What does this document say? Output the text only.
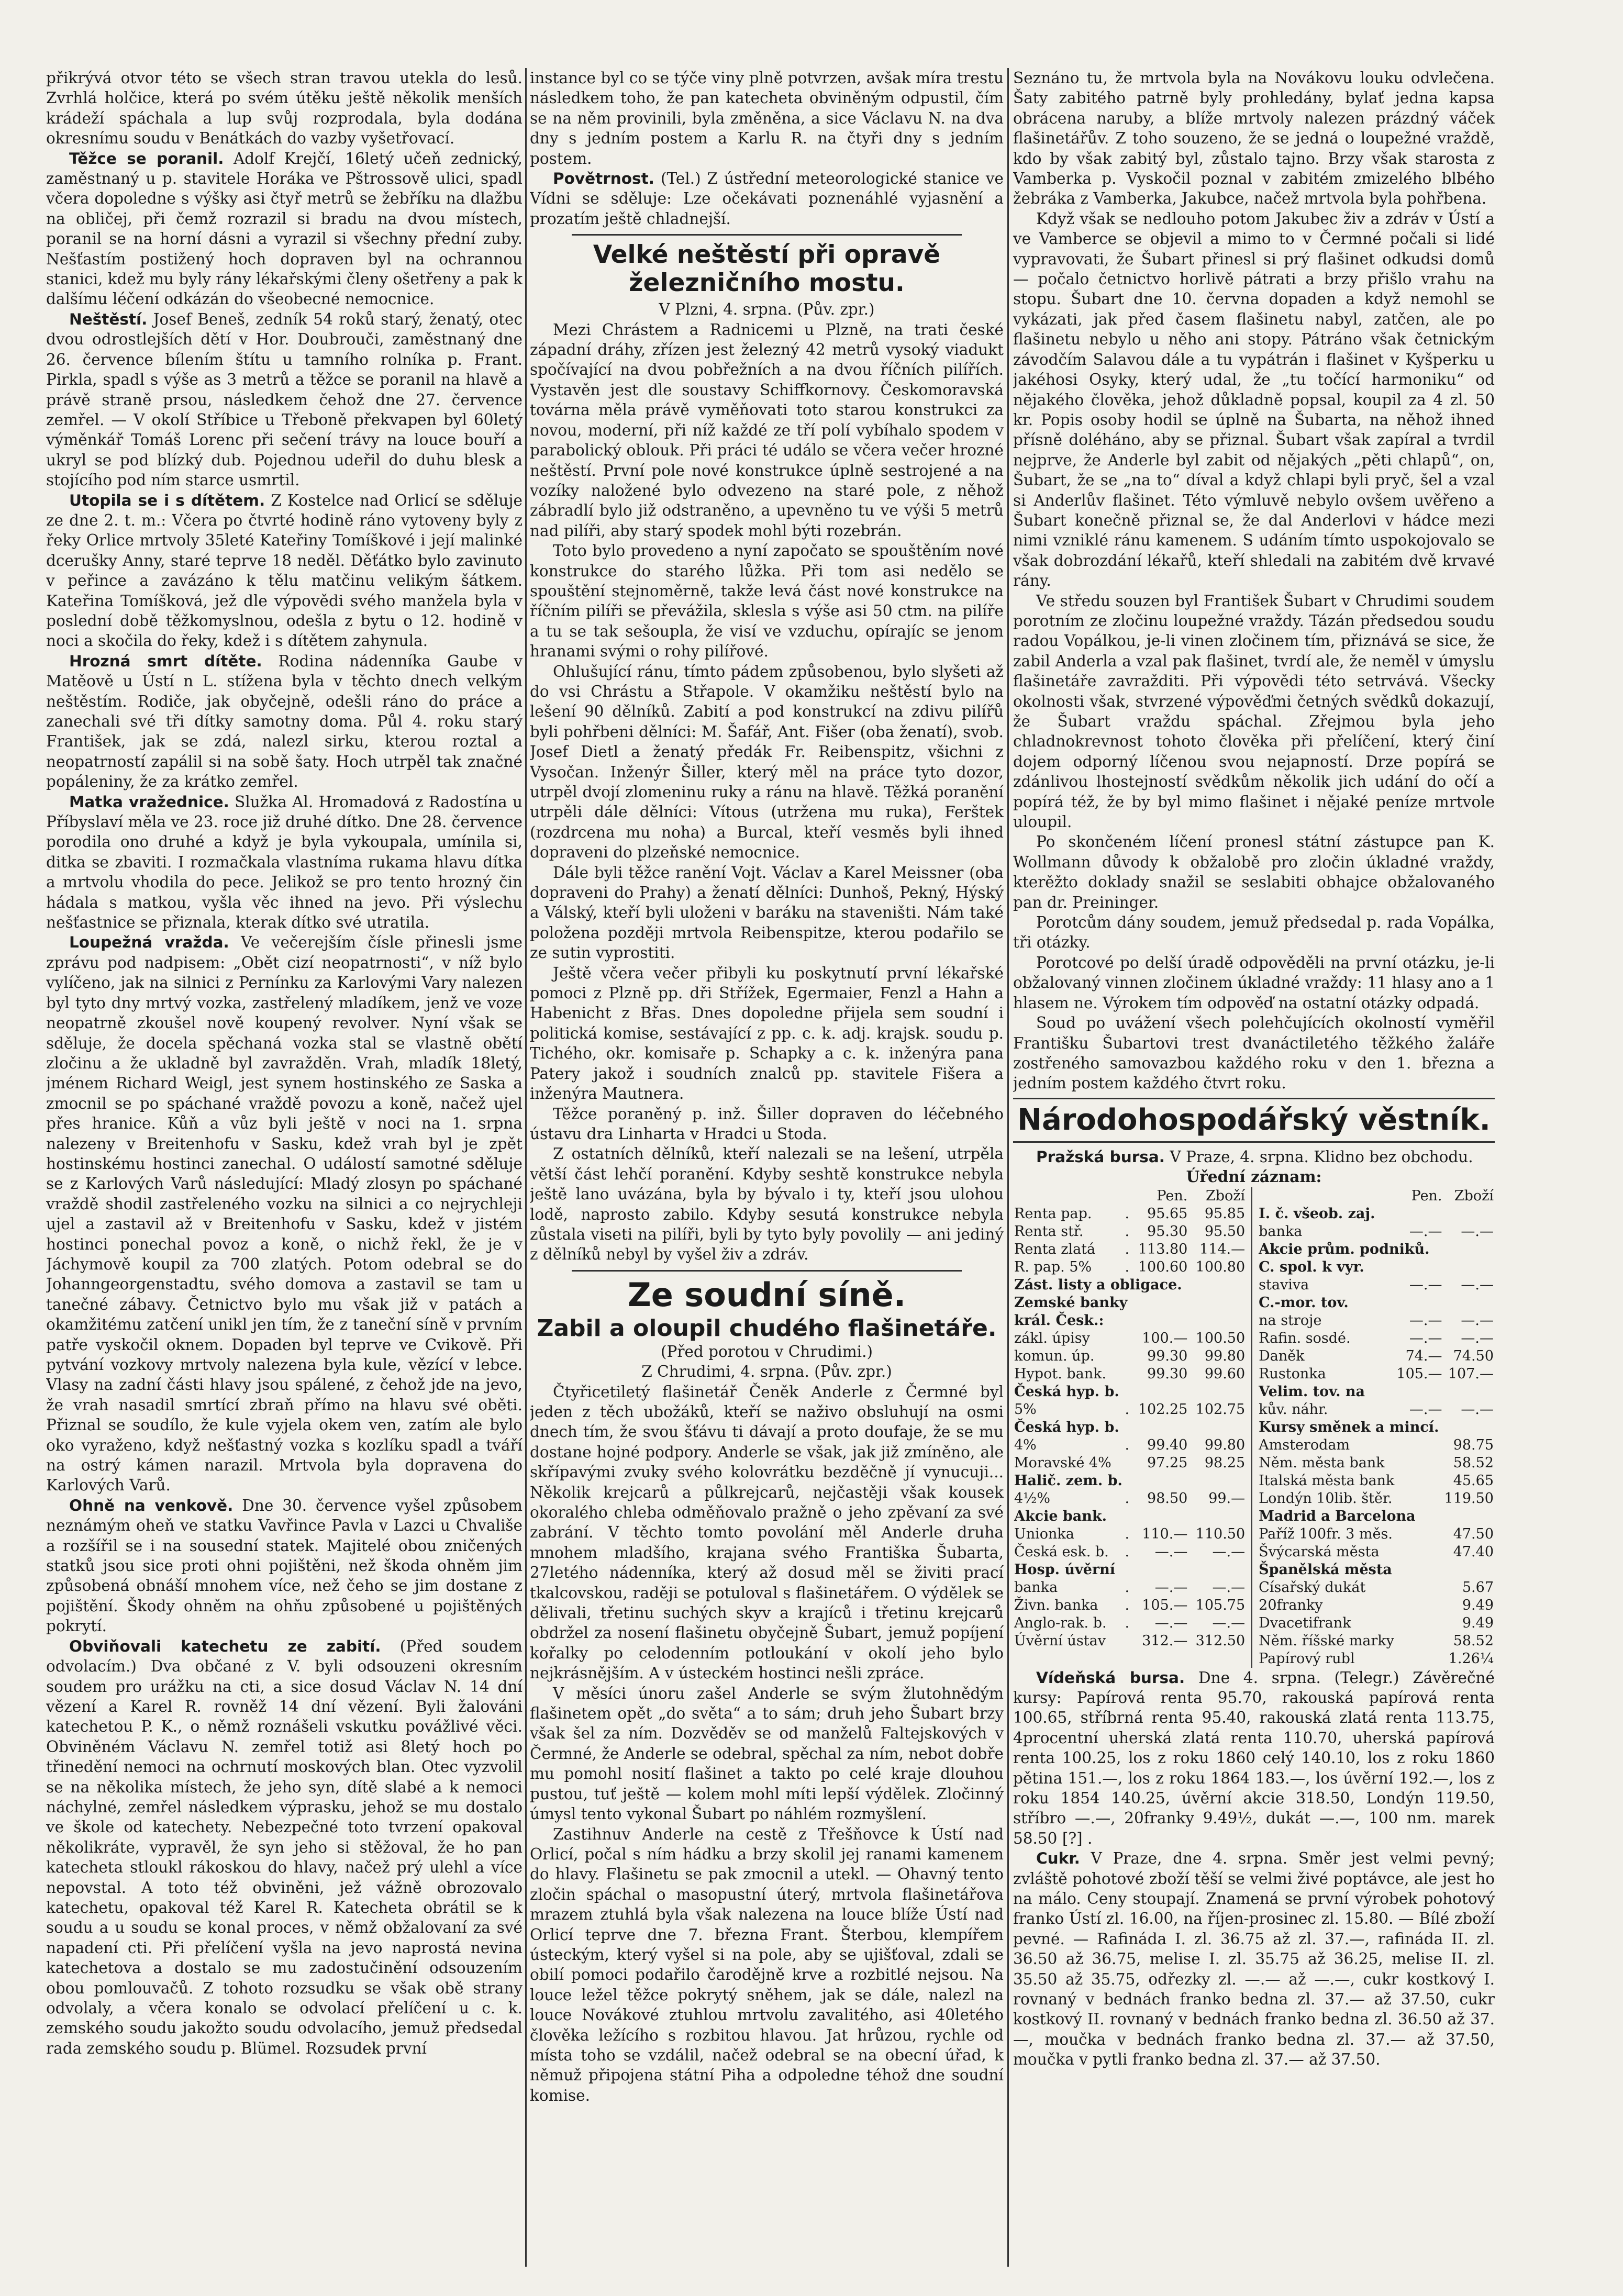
přikrývá otvor této se všech stran travou utekla do lesů. Zvrhlá holčice, která po svém útěku ještě několik menších krádeží spáchala a lup svůj rozprodala, byla dodána okresnímu soudu v Benátkách do vazby vyšetřovací.

Těžce se poranil. Adolf Krejčí, 16letý učeň zednický, zaměstnaný u p. stavitele Horáka ve Pštrossově ulici, spadl včera dopoledne s výšky asi čtyř metrů se žebříku na dlažbu na obličej, při čemž rozrazil si bradu na dvou místech, poranil se na horní dásni a vyrazil si všechny přední zuby. Nešťastím postižený hoch dopraven byl na ochrannou stanici, kdež mu byly rány lékařskými členy ošetřeny a pak k dalšímu léčení odkázán do všeobecné nemocnice.

Neštěstí. Josef Beneš, zedník 54 roků starý, ženatý, otec dvou odrostlejších dětí v Hor. Doubrouči, zaměstnaný dne 26. července bílením štítu u tamního rolníka p. Frant. Pirkla, spadl s výše as 3 metrů a těžce se poranil na hlavě a právě straně prsou, následkem čehož dne 27. července zemřel. — V okolí Stříbice u Třeboně překvapen byl 60letý výměnkář Tomáš Lorenc při sečení trávy na louce bouří a ukryl se pod blízký dub. Pojednou udeřil do duhu blesk a stojícího pod ním starce usmrtil.

Utopila se i s dítětem. Z Kostelce nad Orlicí se sděluje ze dne 2. t. m.: Včera po čtvrté hodině ráno vytoveny byly z řeky Orlice mrtvoly 35leté Kateřiny Tomíškové i její malinké dcerušky Anny, staré teprve 18 neděl. Děťátko bylo zavinuto v peřince a zavázáno k tělu matčinu velikým šátkem. Kateřina Tomíšková, jež dle výpovědi svého manžela byla v poslední době těžkomyslnou, odešla z bytu o 12. hodině v noci a skočila do řeky, kdež i s dítětem zahynula.

Hrozná smrt dítěte. Rodina nádenníka Gaube v Matěově u Ústí n L. stížena byla v těchto dnech velkým neštěstím. Rodiče, jak obyčejně, odešli ráno do práce a zanechali své tři dítky samotny doma. Půl 4. roku starý František, jak se zdá, nalezl sirku, kterou roztal a neopatrností zapálil si na sobě šaty. Hoch utrpěl tak značné popáleniny, že za krátko zemřel.

Matka vražednice. Služka Al. Hromadová z Radostína u Příbyslaví měla ve 23. roce již druhé dítko. Dne 28. července porodila ono druhé a když je byla vykoupala, umínila si, ditka se zbaviti. I rozmačkala vlastníma rukama hlavu dítka a mrtvolu vhodila do pece. Jelikož se pro tento hrozný čin hádala s matkou, vyšla věc ihned na jevo. Při výslechu nešťastnice se přiznala, kterak dítko své utratila.

Loupežná vražda. Ve večerejším čísle přinesli jsme zprávu pod nadpisem: „Obět cizí neopatrnosti“, v níž bylo vylíčeno, jak na silnici z Pernínku za Karlovými Vary nalezen byl tyto dny mrtvý vozka, zastřelený mladíkem, jenž ve voze neopatrně zkoušel nově koupený revolver. Nyní však se sděluje, že docela spěchaná vozka stal se vlastně obětí zločinu a že ukladně byl zavražděn. Vrah, mladík 18letý, jménem Richard Weigl, jest synem hostinského ze Saska a zmocnil se po spáchané vraždě povozu a koně, načež ujel přes hranice. Kůň a vůz byli ještě v noci na 1. srpna nalezeny v Breitenhofu v Sasku, kdež vrah byl je zpět hostinskému hostinci zanechal. O událostí samotné sděluje se z Karlových Varů následující: Mladý zlosyn po spáchané vraždě shodil zastřeleného vozku na silnici a co nejrychleji ujel a zastavil až v Breitenhofu v Sasku, kdež v jistém hostinci ponechal povoz a koně, o nichž řekl, že je v Jáchymově koupil za 700 zlatých. Potom odebral se do Johanngeorgenstadtu, svého domova a zastavil se tam u tanečné zábavy. Četnictvo bylo mu však již v patách a okamžitému zatčení unikl jen tím, že z taneční síně v prvním patře vyskočil oknem. Dopaden byl teprve ve Cvikově. Při pytvání vozkovy mrtvoly nalezena byla kule, vězící v lebce. Vlasy na zadní části hlavy jsou spálené, z čehož jde na jevo, že vrah nasadil smrtící zbraň přímo na hlavu své oběti. Přiznal se soudílo, že kule vyjela okem ven, zatím ale bylo oko vyraženo, když nešťastný vozka s kozlíku spadl a tváří na ostrý kámen narazil. Mrtvola byla dopravena do Karlových Varů.

Ohně na venkově. Dne 30. července vyšel způsobem neznámým oheň ve statku Vavřince Pavla v Lazci u Chvališe a rozšířil se i na sousední statek. Majitelé obou zničených statků jsou sice proti ohni pojištěni, než škoda ohněm jim způsobená obnáší mnohem více, než čeho se jim dostane z pojištění. Škody ohněm na ohňu způsobené u pojištěných pokrytí.

Obviňovali katechetu ze zabití. (Před soudem odvolacím.) Dva občané z V. byli odsouzeni okresním soudem pro urážku na cti, a sice dosud Václav N. 14 dní vězení a Karel R. rovněž 14 dní vězení. Byli žalováni katechetou P. K., o němž roznášeli vskutku povážlivé věci. Obviněném Václavu N. zemřel totiž asi 8letý hoch po třinedění nemoci na ochrnutí moskových blan. Otec vyzvolil se na několika místech, že jeho syn, dítě slabé a k nemoci náchylné, zemřel následkem výprasku, jehož se mu dostalo ve škole od katechety. Nebezpečné toto tvrzení opakoval několikráte, vypravěl, že syn jeho si stěžoval, že ho pan katecheta stloukl rákoskou do hlavy, načež prý ulehl a více nepovstal. A toto též obviněni, jež vážně obrozovalo katechetu, opakoval též Karel R. Katecheta obrátil se k soudu a u soudu se konal proces, v němž obžalovaní za své napadení cti. Při přelíčení vyšla na jevo naprostá nevina katechetova a dostalo se mu zadostučinění odsouzením obou pomlouvačů. Z tohoto rozsudku se však obě strany odvolaly, a včera konalo se odvolací přelíčení u c. k. zemského soudu jakožto soudu odvolacího, jemuž předsedal rada zemského soudu p. Blümel. Rozsudek první

instance byl co se týče viny plně potvrzen, avšak míra trestu následkem toho, že pan katecheta obviněným odpustil, čím se na něm provinili, byla změněna, a sice Václavu N. na dva dny s jedním postem a Karlu R. na čtyři dny s jedním postem.

Povětrnost. (Tel.) Z ústřední meteorologické stanice ve Vídni se sděluje: Lze očekávati poznenáhlé vyjasnění a prozatím ještě chladnejší.

Velké neštěstí při opravě železničního mostu.

V Plzni, 4. srpna. (Pův. zpr.)

Mezi Chrástem a Radnicemi u Plzně, na trati české západní dráhy, zřízen jest železný 42 metrů vysoký viadukt spočívající na dvou pobřežních a na dvou říčních pilířích. Vystavěn jest dle soustavy Schiffkornovy. Českomoravská továrna měla právě vyměňovati toto starou konstrukci za novou, moderní, při níž každé ze tří polí vybíhalo spodem v parabolický oblouk. Při práci té událo se včera večer hrozné neštěstí. První pole nové konstrukce úplně sestrojené a na vozíky naložené bylo odvezeno na staré pole, z něhož zábradlí bylo již odstraněno, a upevněno tu ve výši 5 metrů nad pilíři, aby starý spodek mohl býti rozebrán.

Toto bylo provedeno a nyní započato se spouštěním nové konstrukce do starého lůžka. Při tom asi nedělo se spouštění stejnoměrně, takže levá část nové konstrukce na říčním pilíři se převážila, sklesla s výše asi 50 ctm. na pilíře a tu se tak sešoupla, že visí ve vzduchu, opírajíc se jenom hranami svými o rohy pilířové.

Ohlušující ránu, tímto pádem způsobenou, bylo slyšeti až do vsi Chrástu a Střapole. V okamžiku neštěstí bylo na lešení 90 dělníků. Zabití a pod konstrukcí na zdivu pilířů byli pohřbeni dělníci: M. Šafář, Ant. Fišer (oba ženatí), svob. Josef Dietl a ženatý předák Fr. Reibenspitz, všichni z Vysočan. Inženýr Šiller, který měl na práce tyto dozor, utrpěl dvojí zlomeninu ruky a ránu na hlavě. Těžká poranění utrpěli dále dělníci: Vítous (utržena mu ruka), Ferštek (rozdrcena mu noha) a Burcal, kteří vesměs byli ihned dopraveni do plzeňské nemocnice.

Dále byli těžce ranění Vojt. Václav a Karel Meissner (oba dopraveni do Prahy) a ženatí dělníci: Dunhoš, Pekný, Hýský a Válský, kteří byli uloženi v baráku na staveništi. Nám také položena později mrtvola Reibenspitze, kterou podařilo se ze sutin vyprostiti.

Ještě včera večer přibyli ku poskytnutí první lékařské pomoci z Plzně pp. dři Střížek, Egermaier, Fenzl a Hahn a Habenicht z Břas. Dnes dopoledne přijela sem soudní i politická komise, sestávající z pp. c. k. adj. krajsk. soudu p. Tichého, okr. komisaře p. Schapky a c. k. inženýra pana Patery jakož i soudních znalců pp. stavitele Fišera a inženýra Mautnera.

Těžce poraněný p. inž. Šiller dopraven do léčebného ústavu dra Linharta v Hradci u Stoda.

Z ostatních dělníků, kteří nalezali se na lešení, utrpěla větší část lehčí poranění. Kdyby seshtě konstrukce nebyla ještě lano uvázána, byla by bývalo i ty, kteří jsou ulohou lodě, naprosto zabilo. Kdyby sesutá konstrukce nebyla zůstala viseti na pilíři, byli by tyto byly povolily — ani jediný z dělníků nebyl by vyšel živ a zdráv.

Ze soudní síně.
Zabil a oloupil chudého flašinetáře.

(Před porotou v Chrudimi.)

Z Chrudimi, 4. srpna. (Pův. zpr.)

Čtyřicetiletý flašinetář Čeněk Anderle z Čermné byl jeden z těch ubožáků, kteří se naživo obsluhují na osmi dnech tím, že svou šťávu ti dávají a proto doufaje, že se mu dostane hojné podpory. Anderle se však, jak již zmíněno, ale skřípavými zvuky svého kolovrátku bezděčně jí vynucuji... Několik krejcarů a půlkrejcarů, nejčastěji však kousek okoralého chleba odměňovalo pražně o jeho zpěvaní za své zabrání. V těchto tomto povolání měl Anderle druha mnohem mladšího, krajana svého Františka Šubarta, 27letého nádenníka, který až dosud měl se živiti prací tkalcovskou, raději se potuloval s flašinetářem. O výdělek se dělivali, třetinu suchých skyv a krajíců i třetinu krejcarů obdržel za nosení flašinetu obyčejně Šubart, jemuž popíjení kořalky po celodenním potloukání v okolí jeho bylo nejkrásnějším. A v ústeckém hostinci nešli zpráce.

V měsíci únoru zašel Anderle se svým žlutohnědým flašinetem opět „do světa“ a to sám; druh jeho Šubart brzy však šel za ním. Dozvěděv se od manželů Faltejskových v Čermné, že Anderle se odebral, spěchal za ním, nebot dobře mu pomohl nosití flašinet a takto po celé kraje dlouhou pustou, tuť ještě — kolem mohl míti lepší výdělek. Zločinný úmysl tento vykonal Šubart po náhlém rozmyšlení.

Zastihnuv Anderle na cestě z Třešňovce k Ústí nad Orlicí, počal s ním hádku a brzy skolil jej ranami kamenem do hlavy. Flašinetu se pak zmocnil a utekl. — Ohavný tento zločin spáchal o masopustní úterý, mrtvola flašinetářova mrazem ztuhlá byla však nalezena na louce blíže Ústí nad Orlicí teprve dne 7. března Frant. Šterbou, klempířem ústeckým, který vyšel si na pole, aby se ujišťoval, zdali se obilí pomoci podařilo čarodějně krve a rozbitlé nejsou. Na louce ležel těžce pokrytý sněhem, jak se dále, nalezl na louce Novákové ztuhlou mrtvolu zavalitého, asi 40letého člověka ležícího s rozbitou hlavou. Jat hrůzou, rychle od místa toho se vzdálil, načež odebral se na obecní úřad, k němuž připojena státní Piha a odpoledne téhož dne soudní komise.

Seznáno tu, že mrtvola byla na Novákovu louku odvlečena. Šaty zabitého patrně byly prohledány, bylať jedna kapsa obrácena naruby, a blíže mrtvoly nalezen prázdný váček flašinetářův. Z toho souzeno, že se jedná o loupežné vraždě, kdo by však zabitý byl, zůstalo tajno. Brzy však starosta z Vamberka p. Vyskočil poznal v zabitém zmizelého blbého žebráka z Vamberka, Jakubce, načež mrtvola byla pohřbena.

Když však se nedlouho potom Jakubec živ a zdráv v Ústí a ve Vamberce se objevil a mimo to v Čermné počali si lidé vypravovati, že Šubart přinesl si prý flašinet odkudsi domů — počalo četnictvo horlivě pátrati a brzy přišlo vrahu na stopu. Šubart dne 10. června dopaden a když nemohl se vykázati, jak před časem flašinetu nabyl, zatčen, ale po flašinetu nebylo u něho ani stopy. Pátráno však četnickým závodčím Salavou dále a tu vypátrán i flašinet v Kyšperku u jakéhosi Osyky, který udal, že „tu točící harmoniku“ od nějakého člověka, jehož důkladně popsal, koupil za 4 zl. 50 kr. Popis osoby hodil se úplně na Šubarta, na něhož ihned přísně doléháno, aby se přiznal. Šubart však zapíral a tvrdil nejprve, že Anderle byl zabit od nějakých „pěti chlapů“, on, Šubart, že se „na to“ díval a když chlapi byli pryč, šel a vzal si Anderlův flašinet. Této výmluvě nebylo ovšem uvěřeno a Šubart konečně přiznal se, že dal Anderlovi v hádce mezi nimi vzniklé ránu kamenem. S udáním tímto uspokojovalo se však dobrozdání lékařů, kteří shledali na zabitém dvě krvavé rány.

Ve středu souzen byl František Šubart v Chrudimi soudem porotním ze zločinu loupežné vraždy. Tázán předsedou soudu radou Vopálkou, je-li vinen zločinem tím, přiznává se sice, že zabil Anderla a vzal pak flašinet, tvrdí ale, že neměl v úmyslu flašinetáře zavražditi. Při výpovědi této setrvává. Všecky okolnosti však, stvrzené výpověďmi četných svědků dokazují, že Šubart vraždu spáchal. Zřejmou byla jeho chladnokrevnost tohoto člověka při přelíčení, který činí dojem odporný líčenou svou nejapností. Drze popírá se zdánlivou lhostejností svědkům několik jich udání do očí a popírá též, že by byl mimo flašinet i nějaké peníze mrtvole uloupil.

Po skončeném líčení pronesl státní zástupce pan K. Wollmann důvody k obžalobě pro zločin úkladné vraždy, kterěžto doklady snažil se seslabiti obhajce obžalovaného pan dr. Preininger.

Porotcům dány soudem, jemuž předsedal p. rada Vopálka, tři otázky.

Porotcové po delší úradě odpověděli na první otázku, je-li obžalovaný vinnen zločinem úkladné vraždy: 11 hlasy ano a 1 hlasem ne. Výrokem tím odpověď na ostatní otázky odpadá.

Soud po uvážení všech polehčujících okolností vyměřil Františku Šubartovi trest dvanáctiletého těžkého žaláře zostřeného samovazbou každého roku v den 1. března a jedním postem každého čtvrt roku.

Národohospodářský věstník.

Pražská bursa. V Praze, 4. srpna. Klidno bez obchodu.

Úřední záznam:

		Pen.	Zboží
Renta pap.	.	95.65	95.85
Renta stř.	.	95.30	95.50
Renta zlatá	.	113.80	114.—
R. pap. 5%	.	100.60	100.80
Zást. listy a obligace.			
Zemské banky			
král. Česk.:			
zákl. úpisy		100.—	100.50
komun. úp.		99.30	99.80
Hypot. bank.		99.30	99.60
Česká hyp. b.			
5%	.	102.25	102.75
Česká hyp. b.			
4%	.	99.40	99.80
Moravské 4%		97.25	98.25
Halič. zem. b.			
4½%	.	98.50	99.—
Akcie bank.			
Unionka	.	110.—	110.50
Česká esk. b.	.	—.—	—.—
Hosp. úvěrní			
banka	.	—.—	—.—
Živn. banka	.	105.—	105.75
Anglo-rak. b.	.	—.—	—.—
Úvěrní ústav		312.—	312.50
	Pen.	Zboží
I. č. všeob. zaj.		
banka	—.—	—.—
Akcie prům. podniků.		
C. spol. k vyr.		
staviva	—.—	—.—
C.-mor. tov.		
na stroje	—.—	—.—
Rafin. sosdé.	—.—	—.—
Daněk	74.—	74.50
Rustonka	105.—	107.—
Velim. tov. na		
kův. náhr.	—.—	—.—
Kursy směnek a mincí.		
Amsterodam		98.75
Něm. města bank		58.52
Italská města bank		45.65
Londýn 10lib. štěr.		119.50
Madrid a Barcelona		
Paříž 100fr. 3 měs.		47.50
Švýcarská města		47.40
Španělská města		
Císařský dukát		5.67
20franky		9.49
Dvacetifrank		9.49
Něm. říšské marky		58.52
Papírový rubl		1.26¼

Vídeňská bursa. Dne 4. srpna. (Telegr.) Závěrečné kursy: Papírová renta 95.70, rakouská papírová renta 100.65, stříbrná renta 95.40, rakouská zlatá renta 113.75, 4procentní uherská zlatá renta 110.70, uherská papírová renta 100.25, los z roku 1860 celý 140.10, los z roku 1860 pětina 151.—, los z roku 1864 183.—, los úvěrní 192.—, los z roku 1854 140.25, úvěrní akcie 318.50, Londýn 119.50, stříbro —.—, 20franky 9.49½, dukát —.—, 100 nm. marek 58.50 [?] .

Cukr. V Praze, dne 4. srpna. Směr jest velmi pevný; zvláště pohotové zboží těší se velmi živé poptávce, ale jest ho na málo. Ceny stoupají. Znamená se první výrobek pohotový franko Ústí zl. 16.00, na říjen-prosinec zl. 15.80. — Bílé zboží pevné. — Rafináda I. zl. 36.75 až zl. 37.—, rafináda II. zl. 36.50 až 36.75, melise I. zl. 35.75 až 36.25, melise II. zl. 35.50 až 35.75, odřezky zl. —.— až —.—, cukr kostkový I. rovnaný v bednách franko bedna zl. 37.— až 37.50, cukr kostkový II. rovnaný v bednách franko bedna zl. 36.50 až 37.—, moučka v bednách franko bedna zl. 37.— až 37.50, moučka v pytli franko bedna zl. 37.— až 37.50.
